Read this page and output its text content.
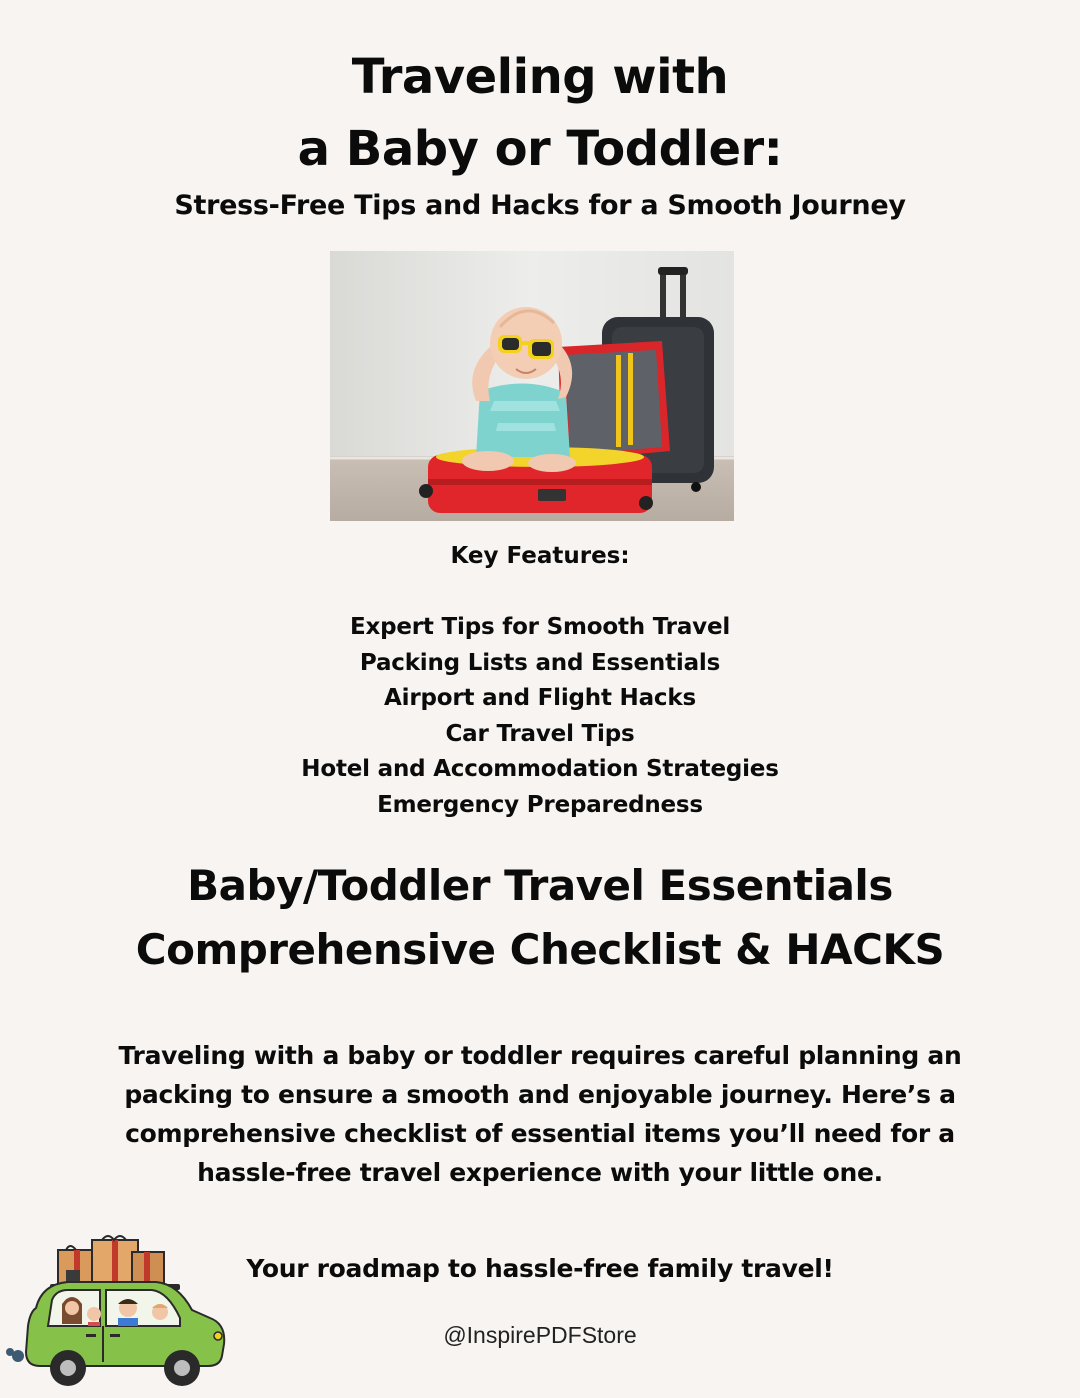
Traveling with
a Baby or Toddler:
Stress-Free Tips and Hacks for a Smooth Journey
Key Features:
Expert Tips for Smooth Travel
Packing Lists and Essentials
Airport and Flight Hacks
Car Travel Tips
Hotel and Accommodation Strategies
Emergency Preparedness
Baby/Toddler Travel Essentials
Comprehensive Checklist & HACKS
Traveling with a baby or toddler requires careful planning an packing to ensure a smooth and enjoyable journey. Here’s a comprehensive checklist of essential items you’ll need for a hassle-free travel experience with your little one.
Your roadmap to hassle-free family travel!
@InspirePDFStore
